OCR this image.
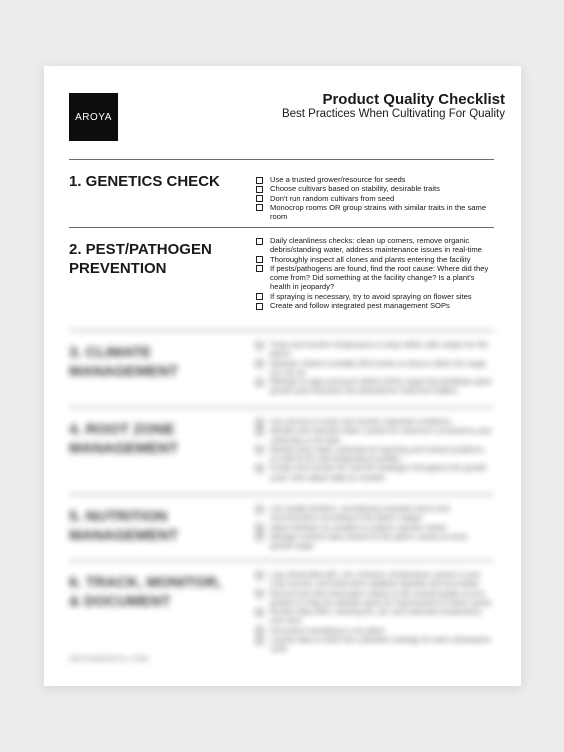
AROYA
Product Quality Checklist
Best Practices When Cultivating For Quality
1. GENETICS CHECK	Use a trusted grower/resource for seeds
Choose cultivars based on stability, desirable traits
Don't run random cultivars from seed
Monocrop rooms OR group strains with similar traits in the same room
2. PEST/PATHOGEN
PREVENTION
Daily cleanliness checks: clean up corners, remove organic debris/standing water, address maintenance issues in real-time
Thoroughly inspect all clones and plants entering the facility
If pests/pathogens are found, find the root cause: Where did they come from? Did something at the facility change? Is a plant's health in jeopardy?
If spraying is necessary, try to avoid spraying on flower sites
Create and follow integrated pest management SOPs
3. CLIMATE
MANAGEMENT
Track and monitor temperature to keep within safe ranges for the plants
Maintain relative humidity (RH) levels so they're within the range you set up
Maintain a vapor pressure deficit (VPD) range that facilitates plant growth and minimizes the potential for mold and mildew
4. ROOT ZONE
MANAGEMENT
Use sensors to track and monitor substrate conditions
Identify and maintain water content for maximum consistency and uniformity in the field
Monitor pore water substrate for leaching and nutrient problems, as well as EC and temperature profiles
Create and monitor EC and RH strategies throughout the growth cycle, then adjust daily as needed
5. NUTRITION
MANAGEMENT
Use quality fertilizer, considering essential macro and micronutrients according to the plant's stages
Adjust fertilizer as needed to a plant's specific needs
Manage nutrient ratios based on the plant's needs at every growth stage
6. TRACK, MONITOR,
& DOCUMENT
Log critical data (EC, pH, moisture, temperature, pests) in your crop records, and keep them updated regularly and accurately
Record how that information relates to the overall quality of your product to help you identify areas for improvement in future cycles
Review data often, tracking EC, pH, and substrate temperature over time
Document everything in one place
Log the data to refine the cultivation strategy for each subsequent cycle
AROYAGROW.ALL.COM
